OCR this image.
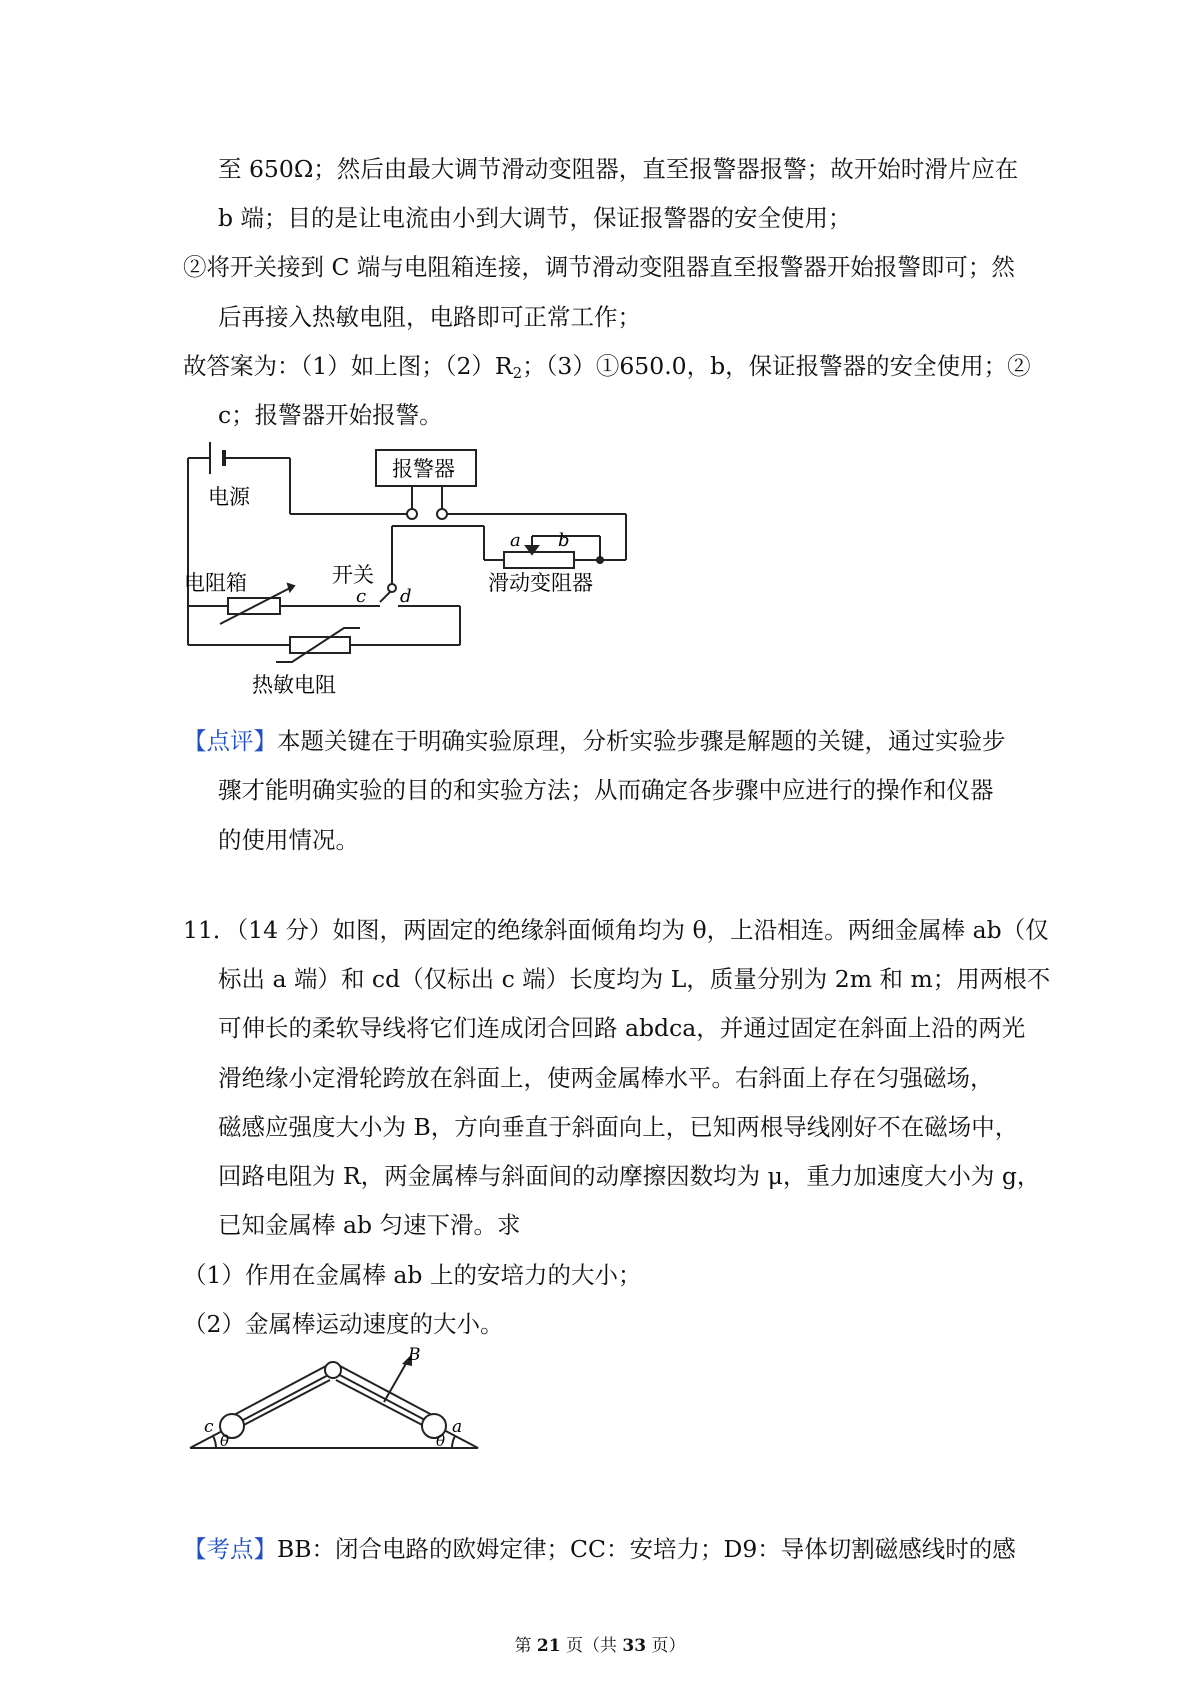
至 650Ω；然后由最大调节滑动变阻器，直至报警器报警；故开始时滑片应在
b 端；目的是让电流由小到大调节，保证报警器的安全使用；
②将开关接到 C 端与电阻箱连接，调节滑动变阻器直至报警器开始报警即可；然
后再接入热敏电阻，电路即可正常工作；
故答案为：（1）如上图；$(2)R_2$；（3）①650.0，b，保证报警器的安全使用；②
c；报警器开始报警。
电源
报警器
开关
c d
a b
滑动变阻器
电阻箱
热敏电阻
【点评】本题关键在于明确实验原理，分析实验步骤是解题的关键，通过实验步
骤才能明确实验的目的和实验方法；从而确定各步骤中应进行的操作和仪器
的使用情况。
11．（14 分）如图，两固定的绝缘斜面倾角均为 θ，上沿相连。两细金属棒 ab（仅
标出 a 端）和 cd（仅标出 c 端）长度均为 L，质量分别为 2m 和 m；用两根不
可伸长的柔软导线将它们连成闭合回路 abdca，并通过固定在斜面上沿的两光
滑绝缘小定滑轮跨放在斜面上，使两金属棒水平。右斜面上存在匀强磁场，
磁感应强度大小为 B，方向垂直于斜面向上，已知两根导线刚好不在磁场中，
回路电阻为 R，两金属棒与斜面间的动摩擦因数均为 μ，重力加速度大小为 g，
已知金属棒 ab 匀速下滑。求
（1）作用在金属棒 ab 上的安培力的大小；
（2）金属棒运动速度的大小。
c	a
B
θ	θ
【考点】BB：闭合电路的欧姆定律；CC：安培力；D9：导体切割磁感线时的感
第 21 页（共 33 页）
